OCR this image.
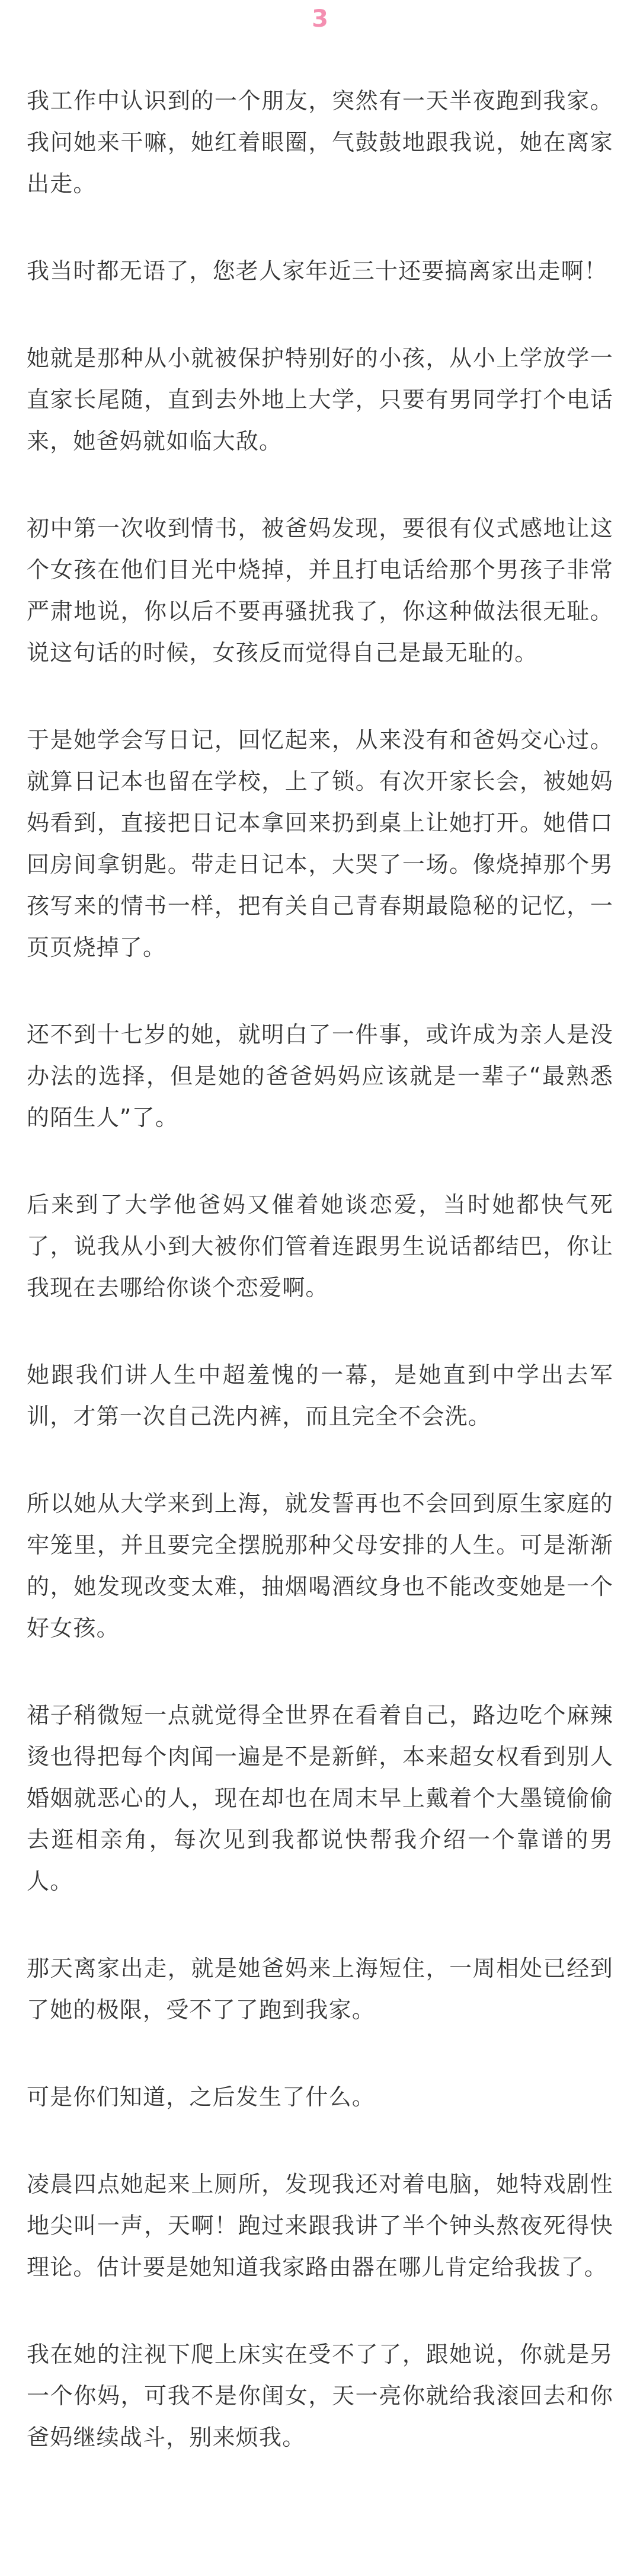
3

我工作中认识到的一个朋友，突然有一天半夜跑到我家。我问她来干嘛，她红着眼圈，气鼓鼓地跟我说，她在离家出走。

我当时都无语了，您老人家年近三十还要搞离家出走啊！

她就是那种从小就被保护特别好的小孩，从小上学放学一直家长尾随，直到去外地上大学，只要有男同学打个电话来，她爸妈就如临大敌。

初中第一次收到情书，被爸妈发现，要很有仪式感地让这个女孩在他们目光中烧掉，并且打电话给那个男孩子非常严肃地说，你以后不要再骚扰我了，你这种做法很无耻。说这句话的时候，女孩反而觉得自己是最无耻的。

于是她学会写日记，回忆起来，从来没有和爸妈交心过。就算日记本也留在学校，上了锁。有次开家长会，被她妈妈看到，直接把日记本拿回来扔到桌上让她打开。她借口回房间拿钥匙。带走日记本，大哭了一场。像烧掉那个男孩写来的情书一样，把有关自己青春期最隐秘的记忆，一页页烧掉了。

还不到十七岁的她，就明白了一件事，或许成为亲人是没办法的选择，但是她的爸爸妈妈应该就是一辈子“最熟悉的陌生人”了。

后来到了大学他爸妈又催着她谈恋爱，当时她都快气死了，说我从小到大被你们管着连跟男生说话都结巴，你让我现在去哪给你谈个恋爱啊。

她跟我们讲人生中超羞愧的一幕，是她直到中学出去军训，才第一次自己洗内裤，而且完全不会洗。

所以她从大学来到上海，就发誓再也不会回到原生家庭的牢笼里，并且要完全摆脱那种父母安排的人生。可是渐渐的，她发现改变太难，抽烟喝酒纹身也不能改变她是一个好女孩。

裙子稍微短一点就觉得全世界在看着自己，路边吃个麻辣烫也得把每个肉闻一遍是不是新鲜，本来超女权看到别人婚姻就恶心的人，现在却也在周末早上戴着个大墨镜偷偷去逛相亲角，每次见到我都说快帮我介绍一个靠谱的男人。

那天离家出走，就是她爸妈来上海短住，一周相处已经到了她的极限，受不了了跑到我家。

可是你们知道，之后发生了什么。

凌晨四点她起来上厕所，发现我还对着电脑，她特戏剧性地尖叫一声，天啊！跑过来跟我讲了半个钟头熬夜死得快理论。估计要是她知道我家路由器在哪儿肯定给我拔了。

我在她的注视下爬上床实在受不了了，跟她说，你就是另一个你妈，可我不是你闺女，天一亮你就给我滚回去和你爸妈继续战斗，别来烦我。
